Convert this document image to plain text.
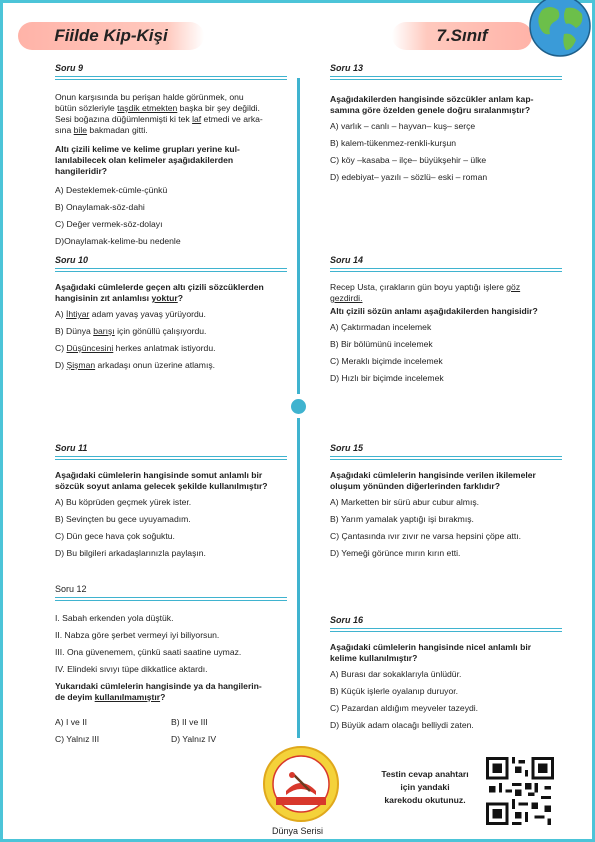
Fiilde Kip-Kişi	7.Sınıf
Soru 9
Onun karşısında bu perişan halde görünmek, onu
bütün sözleriyle taşdik etmekten başka bir şey değildi.
Sesi boğazına düğümlenmişti ki tek laf etmedi ve arka-
sına bile bakmadan gitti.
Altı çizili kelime ve kelime grupları yerine kul-
lanılabilecek olan kelimeler aşağıdakilerden
hangileridir?
A) Desteklemek-cümle-çünkü
B) Onaylamak-söz-dahi
C) Değer vermek-söz-dolayı
D)Onaylamak-kelime-bu nedenle
Soru 10
Aşağıdaki cümlelerde geçen altı çizili sözcüklerden
hangisinin zıt anlamlısı yoktur?
A) İhtiyar adam yavaş yavaş yürüyordu.
B) Dünya barışı için gönüllü çalışıyordu.
C) Düşüncesini herkes anlatmak istiyordu.
D) Şişman arkadaşı onun üzerine atlamış.
Soru 11
Aşağıdaki cümlelerin hangisinde somut anlamlı bir
sözcük soyut anlama gelecek şekilde kullanılmıştır?
A) Bu köprüden geçmek yürek ister.
B) Sevinçten bu gece uyuyamadım.
C) Dün gece hava çok soğuktu.
D) Bu bilgileri arkadaşlarınızla paylaşın.
Soru 12
I. Sabah erkenden yola düştük.
II. Nabza göre şerbet vermeyi iyi biliyorsun.
III. Ona güvenemem, çünkü saati saatine uymaz.
IV. Elindeki sıvıyı tüpe dikkatlice aktardı.
Yukarıdaki cümlelerin hangisinde ya da hangilerin-
de deyim kullanılmamıştır?
A) I ve II	B) II ve III
C) Yalnız III	D) Yalnız IV
Soru 13
Aşağıdakilerden hangisinde sözcükler anlam kap-
samına göre özelden genele doğru sıralanmıştır?
A) varlık – canlı – hayvan– kuş– serçe
B) kalem-tükenmez-renkli-kurşun
C) köy –kasaba – ilçe– büyükşehir – ülke
D) edebiyat– yazılı – sözlü– eski – roman
Soru 14
Recep Usta, çırakların gün boyu yaptığı işlere göz
gezdirdi.
Altı çizili sözün anlamı aşağıdakilerden hangisidir?
A) Çaktırmadan incelemek
B) Bir bölümünü incelemek
C) Meraklı biçimde incelemek
D) Hızlı bir biçimde incelemek
Soru 15
Aşağıdaki cümlelerin hangisinde verilen ikilemeler
oluşum yönünden diğerlerinden farklıdır?
A) Marketten bir sürü abur cubur almış.
B) Yarım yamalak yaptığı işi bırakmış.
C) Çantasında ıvır zıvır ne varsa hepsini çöpe attı.
D) Yemeği görünce mırın kırın etti.
Soru 16
Aşağıdaki cümlelerin hangisinde nicel anlamlı bir
kelime kullanılmıştır?
A) Burası dar sokaklarıyla ünlüdür.
B) Küçük işlerle oyalanıp duruyor.
C) Pazardan aldığım meyveler tazeydi.
D) Büyük adam olacağı belliydi zaten.
Testin cevap anahtarı
için yandaki
karekodu okutunuz.
Dünya Serisi
